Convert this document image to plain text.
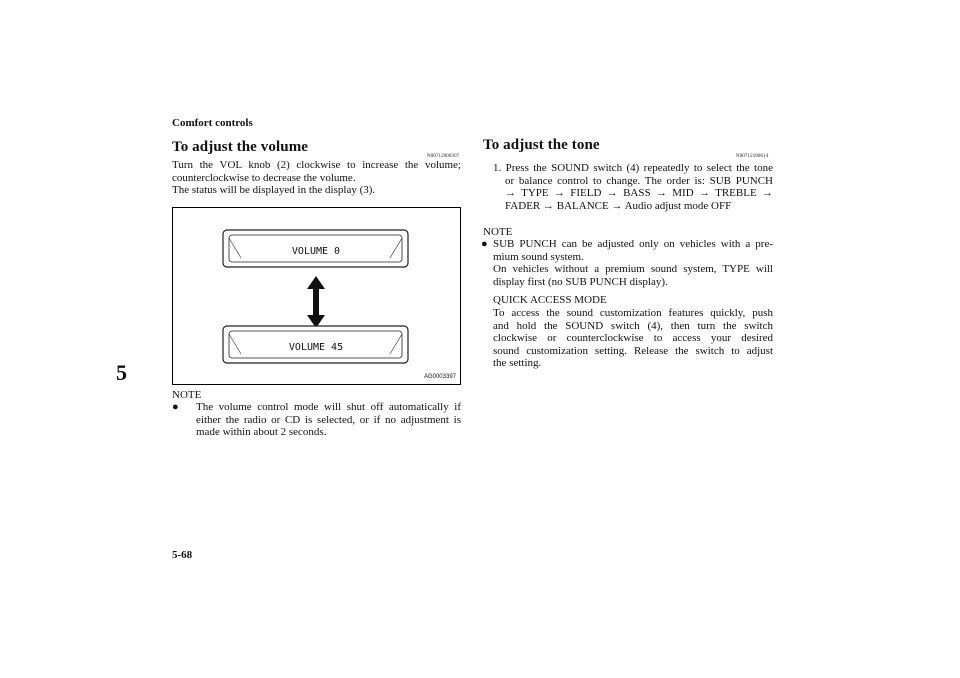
Comfort controls
5
5-68
To adjust the volume
N00712000307
Turn the VOL knob (2) clockwise to increase the volume;
counterclockwise to decrease the volume.
The status will be displayed in the display (3).
VOLUME 0
VOLUME 45
AG0003397
NOTE
●	The volume control mode will shut off automatically if
either the radio or CD is selected, or if no adjustment is
made within about 2 seconds.
To adjust the tone
N00712100614
1. Press the SOUND switch (4) repeatedly to select the tone
or balance control to change. The order is: SUB PUNCH
→ TYPE → FIELD → BASS → MID → TREBLE →
FADER → BALANCE → Audio adjust mode OFF
NOTE
● SUB PUNCH can be adjusted only on vehicles with a pre-
mium sound system.
On vehicles without a premium sound system, TYPE will
display first (no SUB PUNCH display).
QUICK ACCESS MODE
To access the sound customization features quickly, push
and hold the SOUND switch (4), then turn the switch
clockwise or counterclockwise to access your desired
sound customization setting. Release the switch to adjust
the setting.
